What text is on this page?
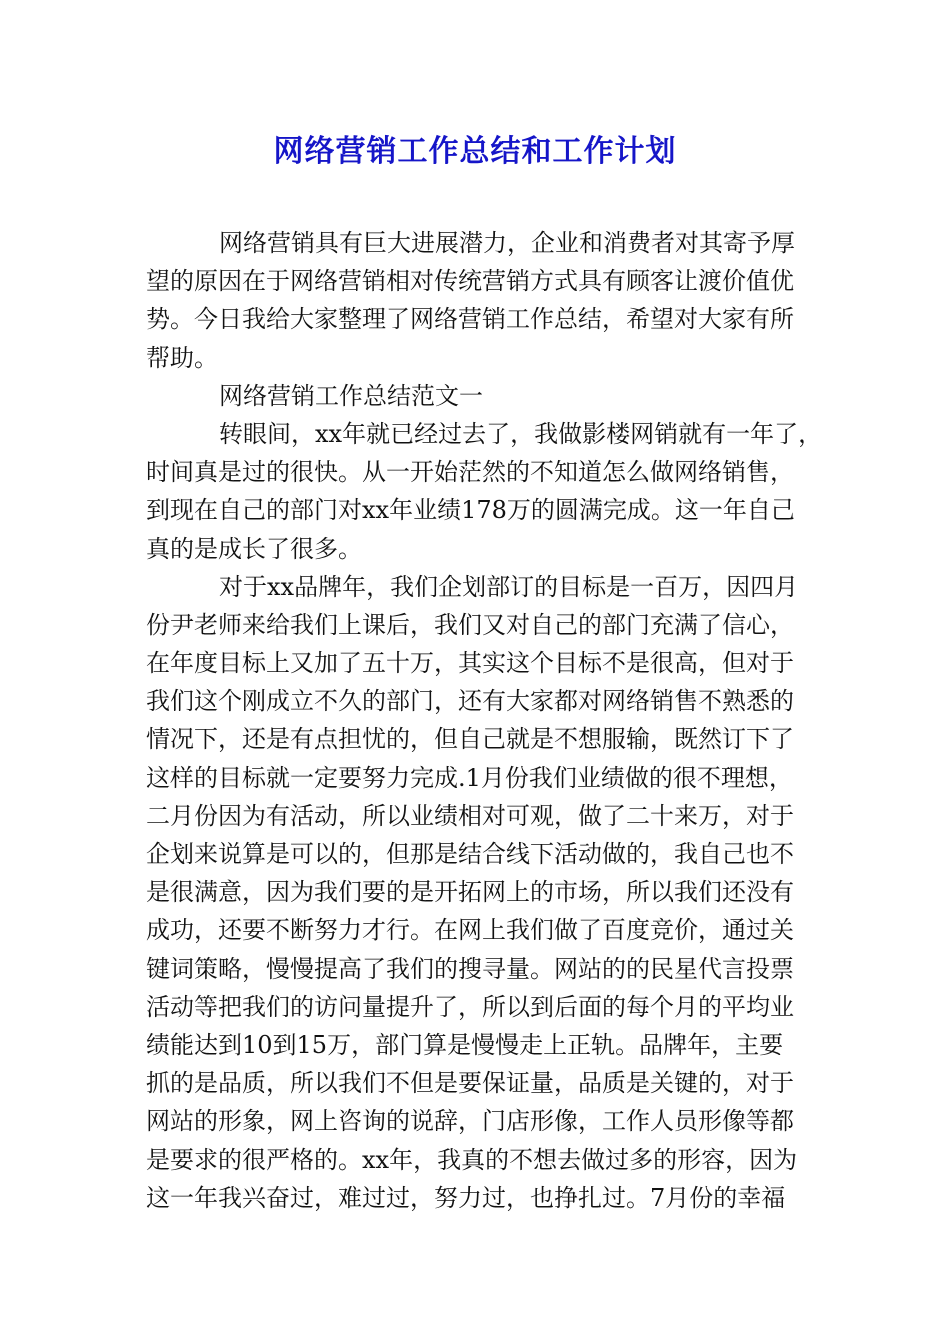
网络营销工作总结和工作计划
网络营销具有巨大进展潜力，企业和消费者对其寄予厚
望的原因在于网络营销相对传统营销方式具有顾客让渡价值优
势。今日我给大家整理了网络营销工作总结，希望对大家有所
帮助。
网络营销工作总结范文一
转眼间，xx年就已经过去了，我做影楼网销就有一年了，
时间真是过的很快。从一开始茫然的不知道怎么做网络销售，
到现在自己的部门对xx年业绩178万的圆满完成。这一年自己
真的是成长了很多。
对于xx品牌年，我们企划部订的目标是一百万，因四月
份尹老师来给我们上课后，我们又对自己的部门充满了信心，
在年度目标上又加了五十万，其实这个目标不是很高，但对于
我们这个刚成立不久的部门，还有大家都对网络销售不熟悉的
情况下，还是有点担忧的，但自己就是不想服输，既然订下了
这样的目标就一定要努力完成.1月份我们业绩做的很不理想，
二月份因为有活动，所以业绩相对可观，做了二十来万，对于
企划来说算是可以的，但那是结合线下活动做的，我自己也不
是很满意，因为我们要的是开拓网上的市场，所以我们还没有
成功，还要不断努力才行。在网上我们做了百度竞价，通过关
键词策略，慢慢提高了我们的搜寻量。网站的的民星代言投票
活动等把我们的访问量提升了，所以到后面的每个月的平均业
绩能达到10到15万，部门算是慢慢走上正轨。品牌年，主要
抓的是品质，所以我们不但是要保证量，品质是关键的，对于
网站的形象，网上咨询的说辞，门店形像，工作人员形像等都
是要求的很严格的。xx年，我真的不想去做过多的形容，因为
这一年我兴奋过，难过过，努力过，也挣扎过。7月份的幸福
